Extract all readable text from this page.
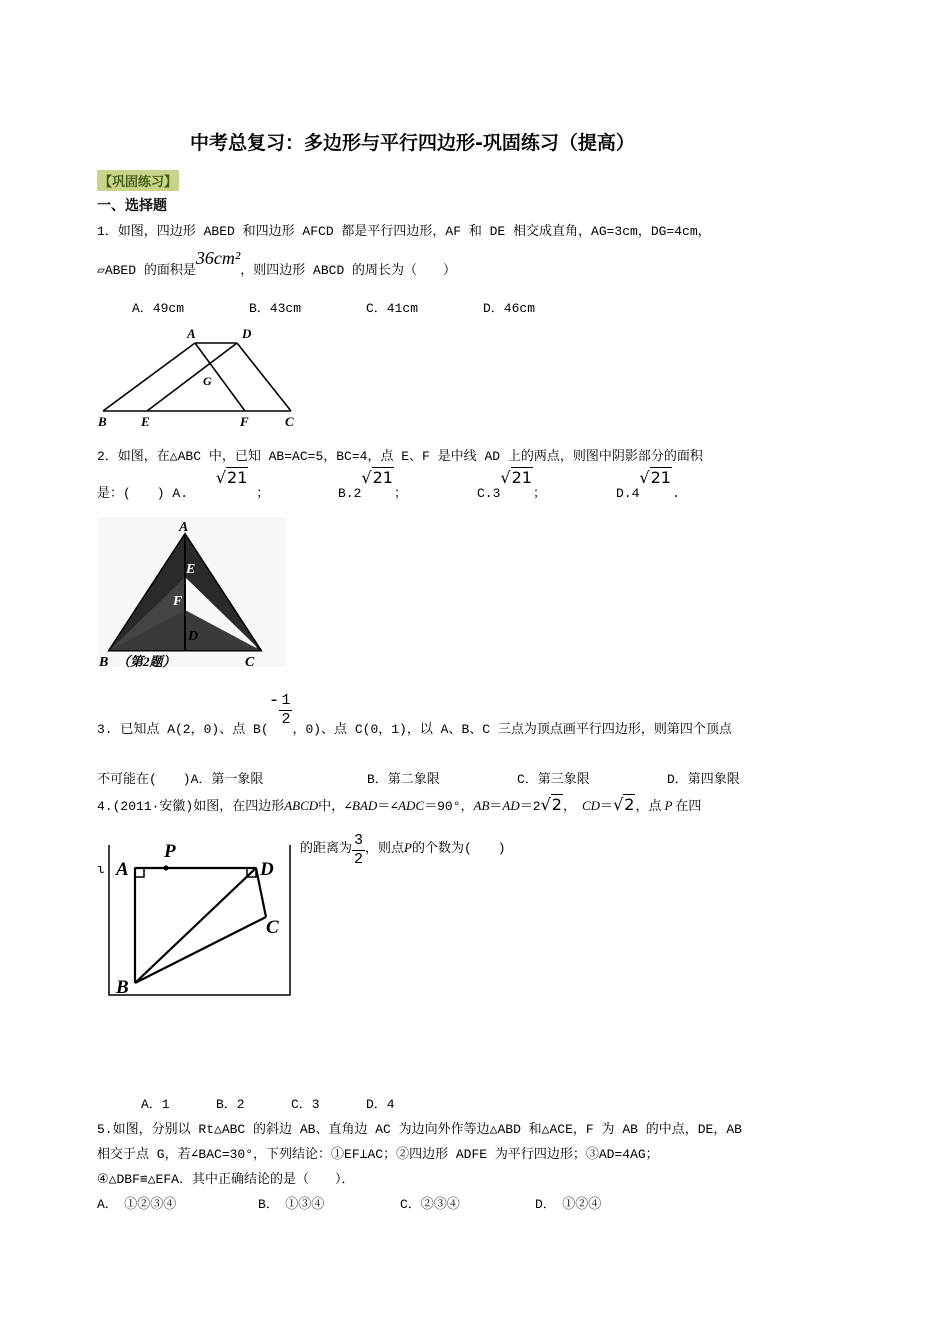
中考总复习：多边形与平行四边形-巩固练习（提高）
【巩固练习】
一、选择题
1．如图，四边形 ABED 和四边形 AFCD 都是平行四边形，AF 和 DE 相交成直角，AG=3cm，DG=4cm，
▱ABED 的面积是36cm²，则四边形 ABCD 的周长为（　　）
A．49cm	B．43cm	C．41cm	D．46cm
A	D
G
B	E	F	C
2．如图，在△ABC 中，已知 AB=AC=5，BC=4，点 E、F 是中线 AD 上的两点，则图中阴影部分的面积
是：(　　) A. √21 ；	B.2√21；	C.3√21；	D.4√21.
A
E
F
D
B	C
（第2题）
3. 已知点 A(2，0)、点 $B(- \frac{1}{2}$
，0)、点 C(0，1)，以 A、B、C 三点为顶点画平行四边形，则第四个顶点
不可能在(　　)A．第一象限	B．第二象限	C．第三象限	D．第四象限
4.(2011·安徽)如图，在四边形ABCD中，∠BAD＝∠ADC＝90°，AB＝AD＝2√2， CD＝√2，点 P 在四
ι
的距离为 $\frac{3}{2}$ ，则点P的个数为(　　)
A
P
D
C
B
A．1	B．2	C．3	D．4
5.如图，分别以 Rt△ABC 的斜边 AB、直角边 AC 为边向外作等边△ABD 和△ACE，F 为 AB 的中点，DE，AB
相交于点 G，若∠BAC=30°，下列结论：①EF⊥AC；②四边形 ADFE 为平行四边形；③AD=4AG；
④△DBF≌△EFA．其中正确结论的是（　　）．
A．　①②③④	B．　①③④	C．②③④	D．　①②④
